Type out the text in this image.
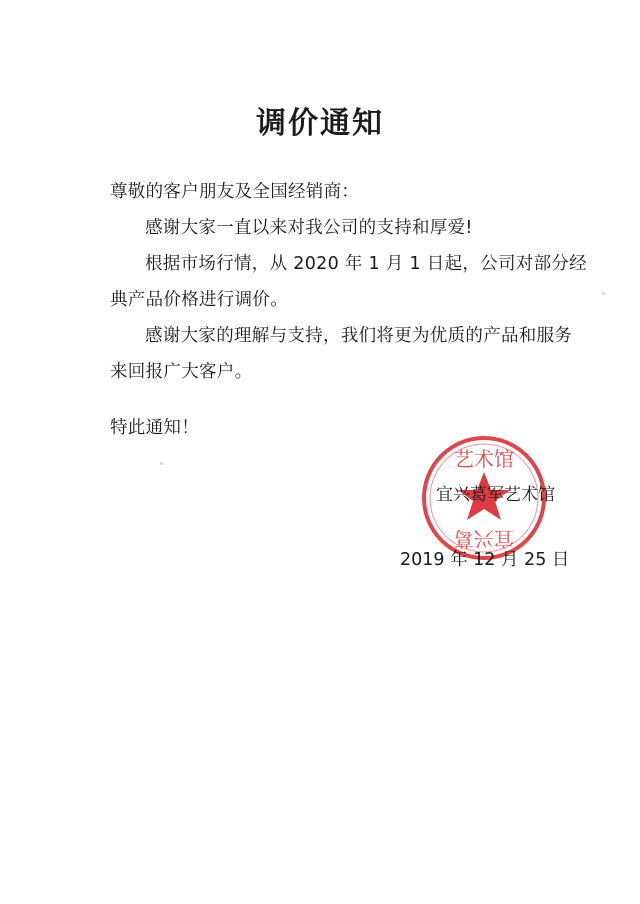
调价通知
尊敬的客户朋友及全国经销商：
感谢大家一直以来对我公司的支持和厚爱!
根据市场行情，从 2020 年 1 月 1 日起，公司对部分经
典产品价格进行调价。
感谢大家的理解与支持，我们将更为优质的产品和服务
来回报广大客户。
特此通知！
艺术馆
宜兴葛
宜兴葛军艺术馆
2019 年 12 月 25 日
